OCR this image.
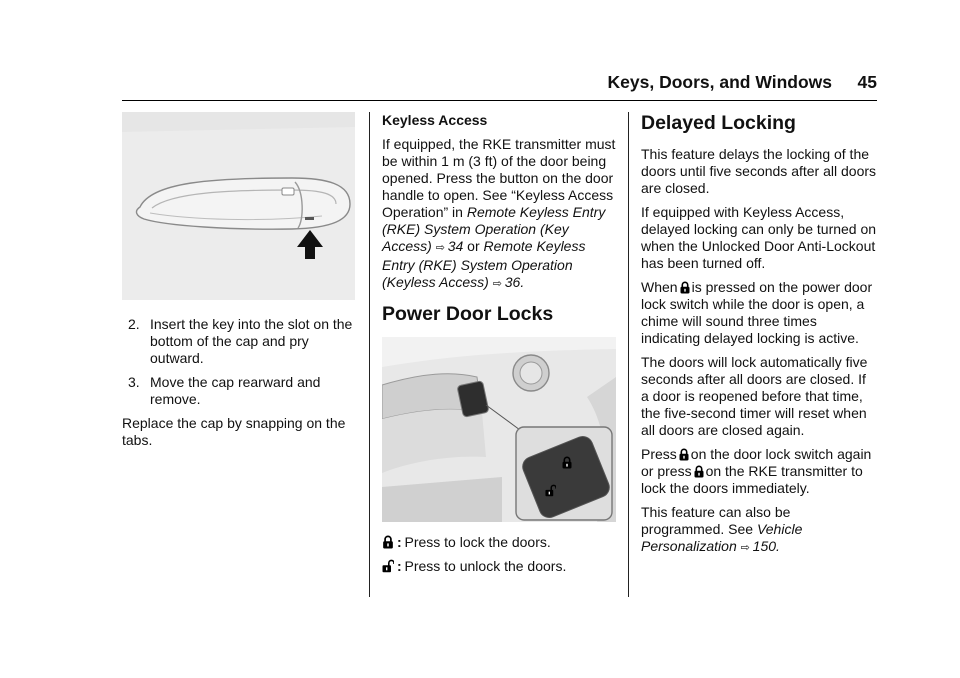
Keys, Doors, and Windows 45
2. Insert the key into the slot on the bottom of the cap and pry outward.
3. Move the cap rearward and remove.

Replace the cap by snapping on the tabs.

Keyless Access

If equipped, the RKE transmitter must be within 1 m (3 ft) of the door being opened. Press the button on the door handle to open. See “Keyless Access Operation” in Remote Keyless Entry (RKE) System Operation (Key Access) ⇨  34 or Remote Keyless Entry (RKE) System Operation (Keyless Access) ⇨  36.

Power Door Locks

:  Press to lock the doors.

:  Press to unlock the doors.

Delayed Locking

This feature delays the locking of the doors until five seconds after all doors are closed.

If equipped with Keyless Access, delayed locking can only be turned on when the Unlocked Door Anti-Lockout has been turned off.

When is pressed on the power door lock switch while the door is open, a chime will sound three times indicating delayed locking is active.

The doors will lock automatically five seconds after all doors are closed. If a door is reopened before that time, the five-second timer will reset when all doors are closed again.

Press on the door lock switch again or press on the RKE transmitter to lock the doors immediately.

This feature can also be programmed. See Vehicle Personalization ⇨  150.
